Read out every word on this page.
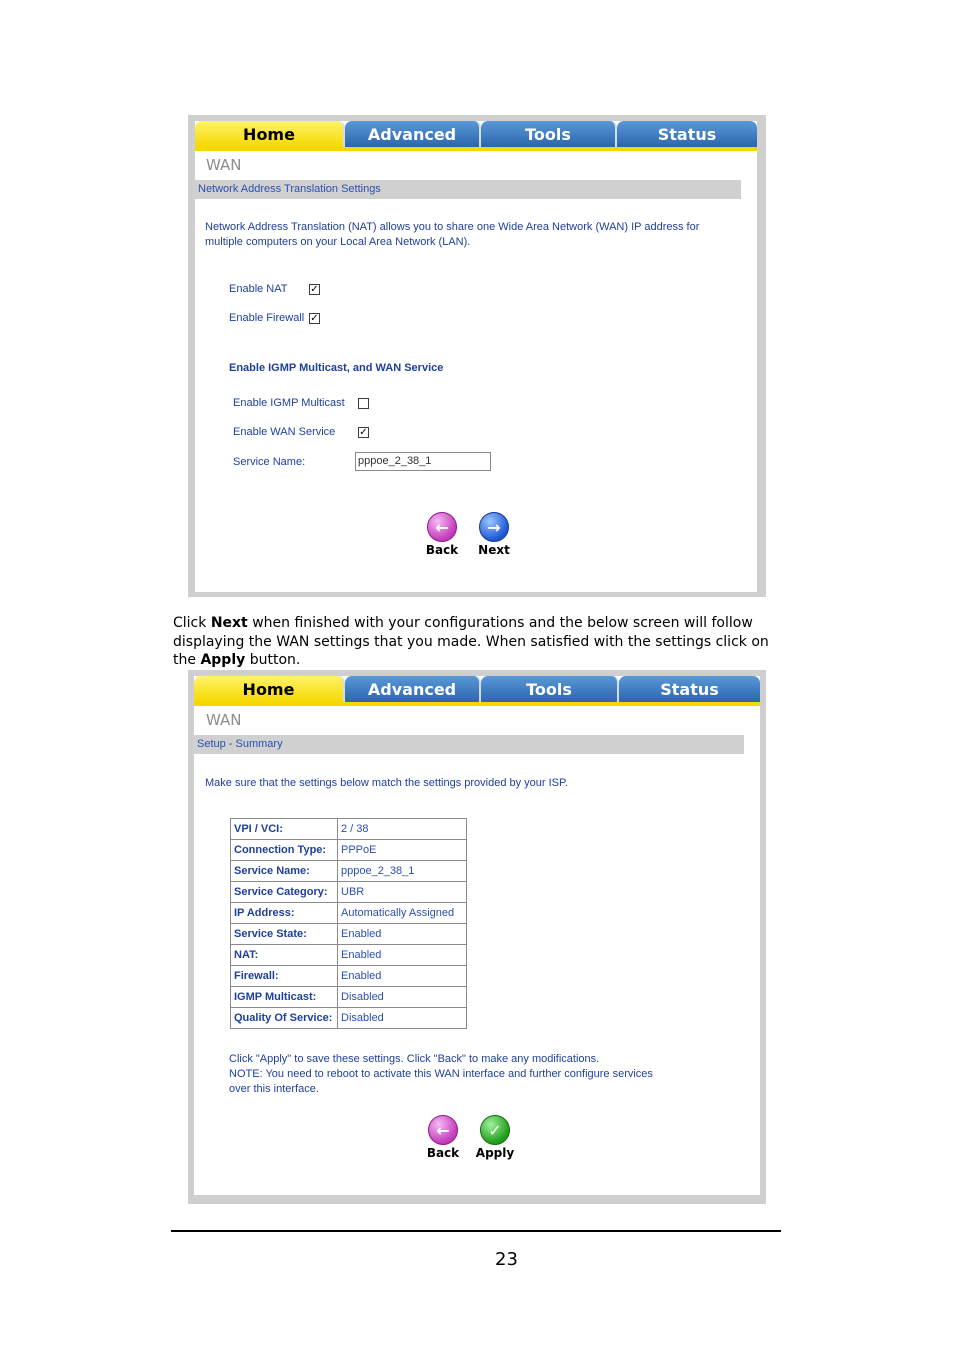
Home	Advanced	Tools	Status
WAN
Network Address Translation Settings
Network Address Translation (NAT) allows you to share one Wide Area Network (WAN) IP address for
multiple computers on your Local Area Network (LAN).
Enable NAT ✓
Enable Firewall ✓
Enable IGMP Multicast, and WAN Service
Enable IGMP Multicast
Enable WAN Service ✓
Service Name:	pppoe_2_38_1
←
Back
→
Next
Click Next when finished with your configurations and the below screen will follow displaying the WAN settings that you made. When satisfied with the settings click on the Apply button.
Home	Advanced	Tools	Status
WAN
Setup - Summary
Make sure that the settings below match the settings provided by your ISP.
VPI / VCI:	2 / 38
Connection Type:	PPPoE
Service Name:	pppoe_2_38_1
Service Category:	UBR
IP Address:	Automatically Assigned
Service State:	Enabled
NAT:	Enabled
Firewall:	Enabled
IGMP Multicast:	Disabled
Quality Of Service:	Disabled
Click "Apply" to save these settings. Click "Back" to make any modifications.
NOTE: You need to reboot to activate this WAN interface and further configure services
over this interface.
←
Back
✓
Apply
23
